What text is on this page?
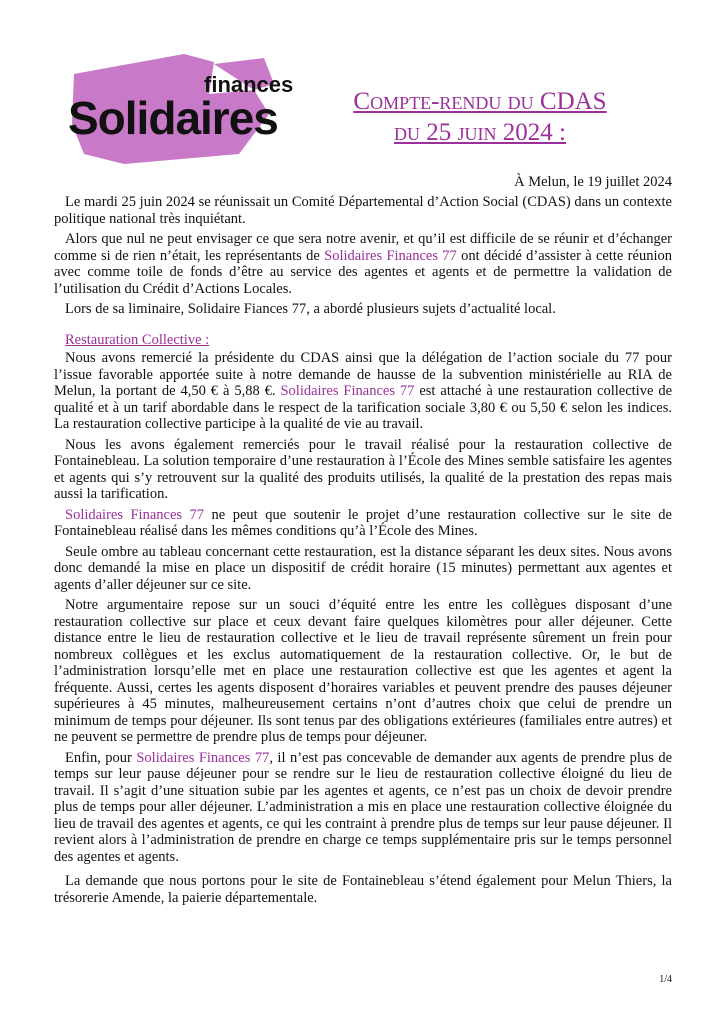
finances
Solidaires	Compte-rendu du CDAS
du 25 juin 2024 :
À Melun, le 19 juillet 2024

Le mardi 25 juin 2024 se réunissait un Comité Départemental d’Action Social (CDAS) dans un contexte politique national très inquiétant.

Alors que nul ne peut envisager ce que sera notre avenir, et qu’il est difficile de se réunir et d’échanger comme si de rien n’était, les représentants de Solidaires Finances 77 ont décidé d’assister à cette réunion avec comme toile de fonds d’être au service des agentes et agents et de permettre la validation de l’utilisation du Crédit d’Actions Locales.

Lors de sa liminaire, Solidaire Fiances 77, a abordé plusieurs sujets d’actualité local.

Restauration Collective :

Nous avons remercié la présidente du CDAS ainsi que la délégation de l’action sociale du 77 pour l’issue favorable apportée suite à notre demande de hausse de la subvention ministérielle au RIA de Melun, la portant de 4,50 € à 5,88 €. Solidaires Finances 77 est attaché à une restauration collective de qualité et à un tarif abordable dans le respect de la tarification sociale 3,80 € ou 5,50 € selon les indices. La restauration collective participe à la qualité de vie au travail.

Nous les avons également remerciés pour le travail réalisé pour la restauration collective de Fontainebleau. La solution temporaire d’une restauration à l’École des Mines semble satisfaire les agentes et agents qui s’y retrouvent sur la qualité des produits utilisés, la qualité de la prestation des repas mais aussi la tarification.

Solidaires Finances 77 ne peut que soutenir le projet d’une restauration collective sur le site de Fontainebleau réalisé dans les mêmes conditions qu’à l’École des Mines.

Seule ombre au tableau concernant cette restauration, est la distance séparant les deux sites. Nous avons donc demandé la mise en place un dispositif de crédit horaire (15 minutes) permettant aux agentes et agents d’aller déjeuner sur ce site.

Notre argumentaire repose sur un souci d’équité entre les entre les collègues disposant d’une restauration collective sur place et ceux devant faire quelques kilomètres pour aller déjeuner. Cette distance entre le lieu de restauration collective et le lieu de travail représente sûrement un frein pour nombreux collègues et les exclus automatiquement de la restauration collective. Or, le but de l’administration lorsqu’elle met en place une restauration collective est que les agentes et agent la fréquente. Aussi, certes les agents disposent d’horaires variables et peuvent prendre des pauses déjeuner supérieures à 45 minutes, malheureusement certains n’ont d’autres choix que celui de prendre un minimum de temps pour déjeuner. Ils sont tenus par des obligations extérieures (familiales entre autres) et ne peuvent se permettre de prendre plus de temps pour déjeuner.

Enfin, pour Solidaires Finances 77, il n’est pas concevable de demander aux agents de prendre plus de temps sur leur pause déjeuner pour se rendre sur le lieu de restauration collective éloigné du lieu de travail. Il s’agit d’une situation subie par les agentes et agents, ce n’est pas un choix de devoir prendre plus de temps pour aller déjeuner. L’administration a mis en place une restauration collective éloignée du lieu de travail des agentes et agents, ce qui les contraint à prendre plus de temps sur leur pause déjeuner. Il revient alors à l’administration de prendre en charge ce temps supplémentaire pris sur le temps personnel des agentes et agents.

La demande que nous portons pour le site de Fontainebleau s’étend également pour Melun Thiers, la trésorerie Amende, la paierie départementale.

1/4
